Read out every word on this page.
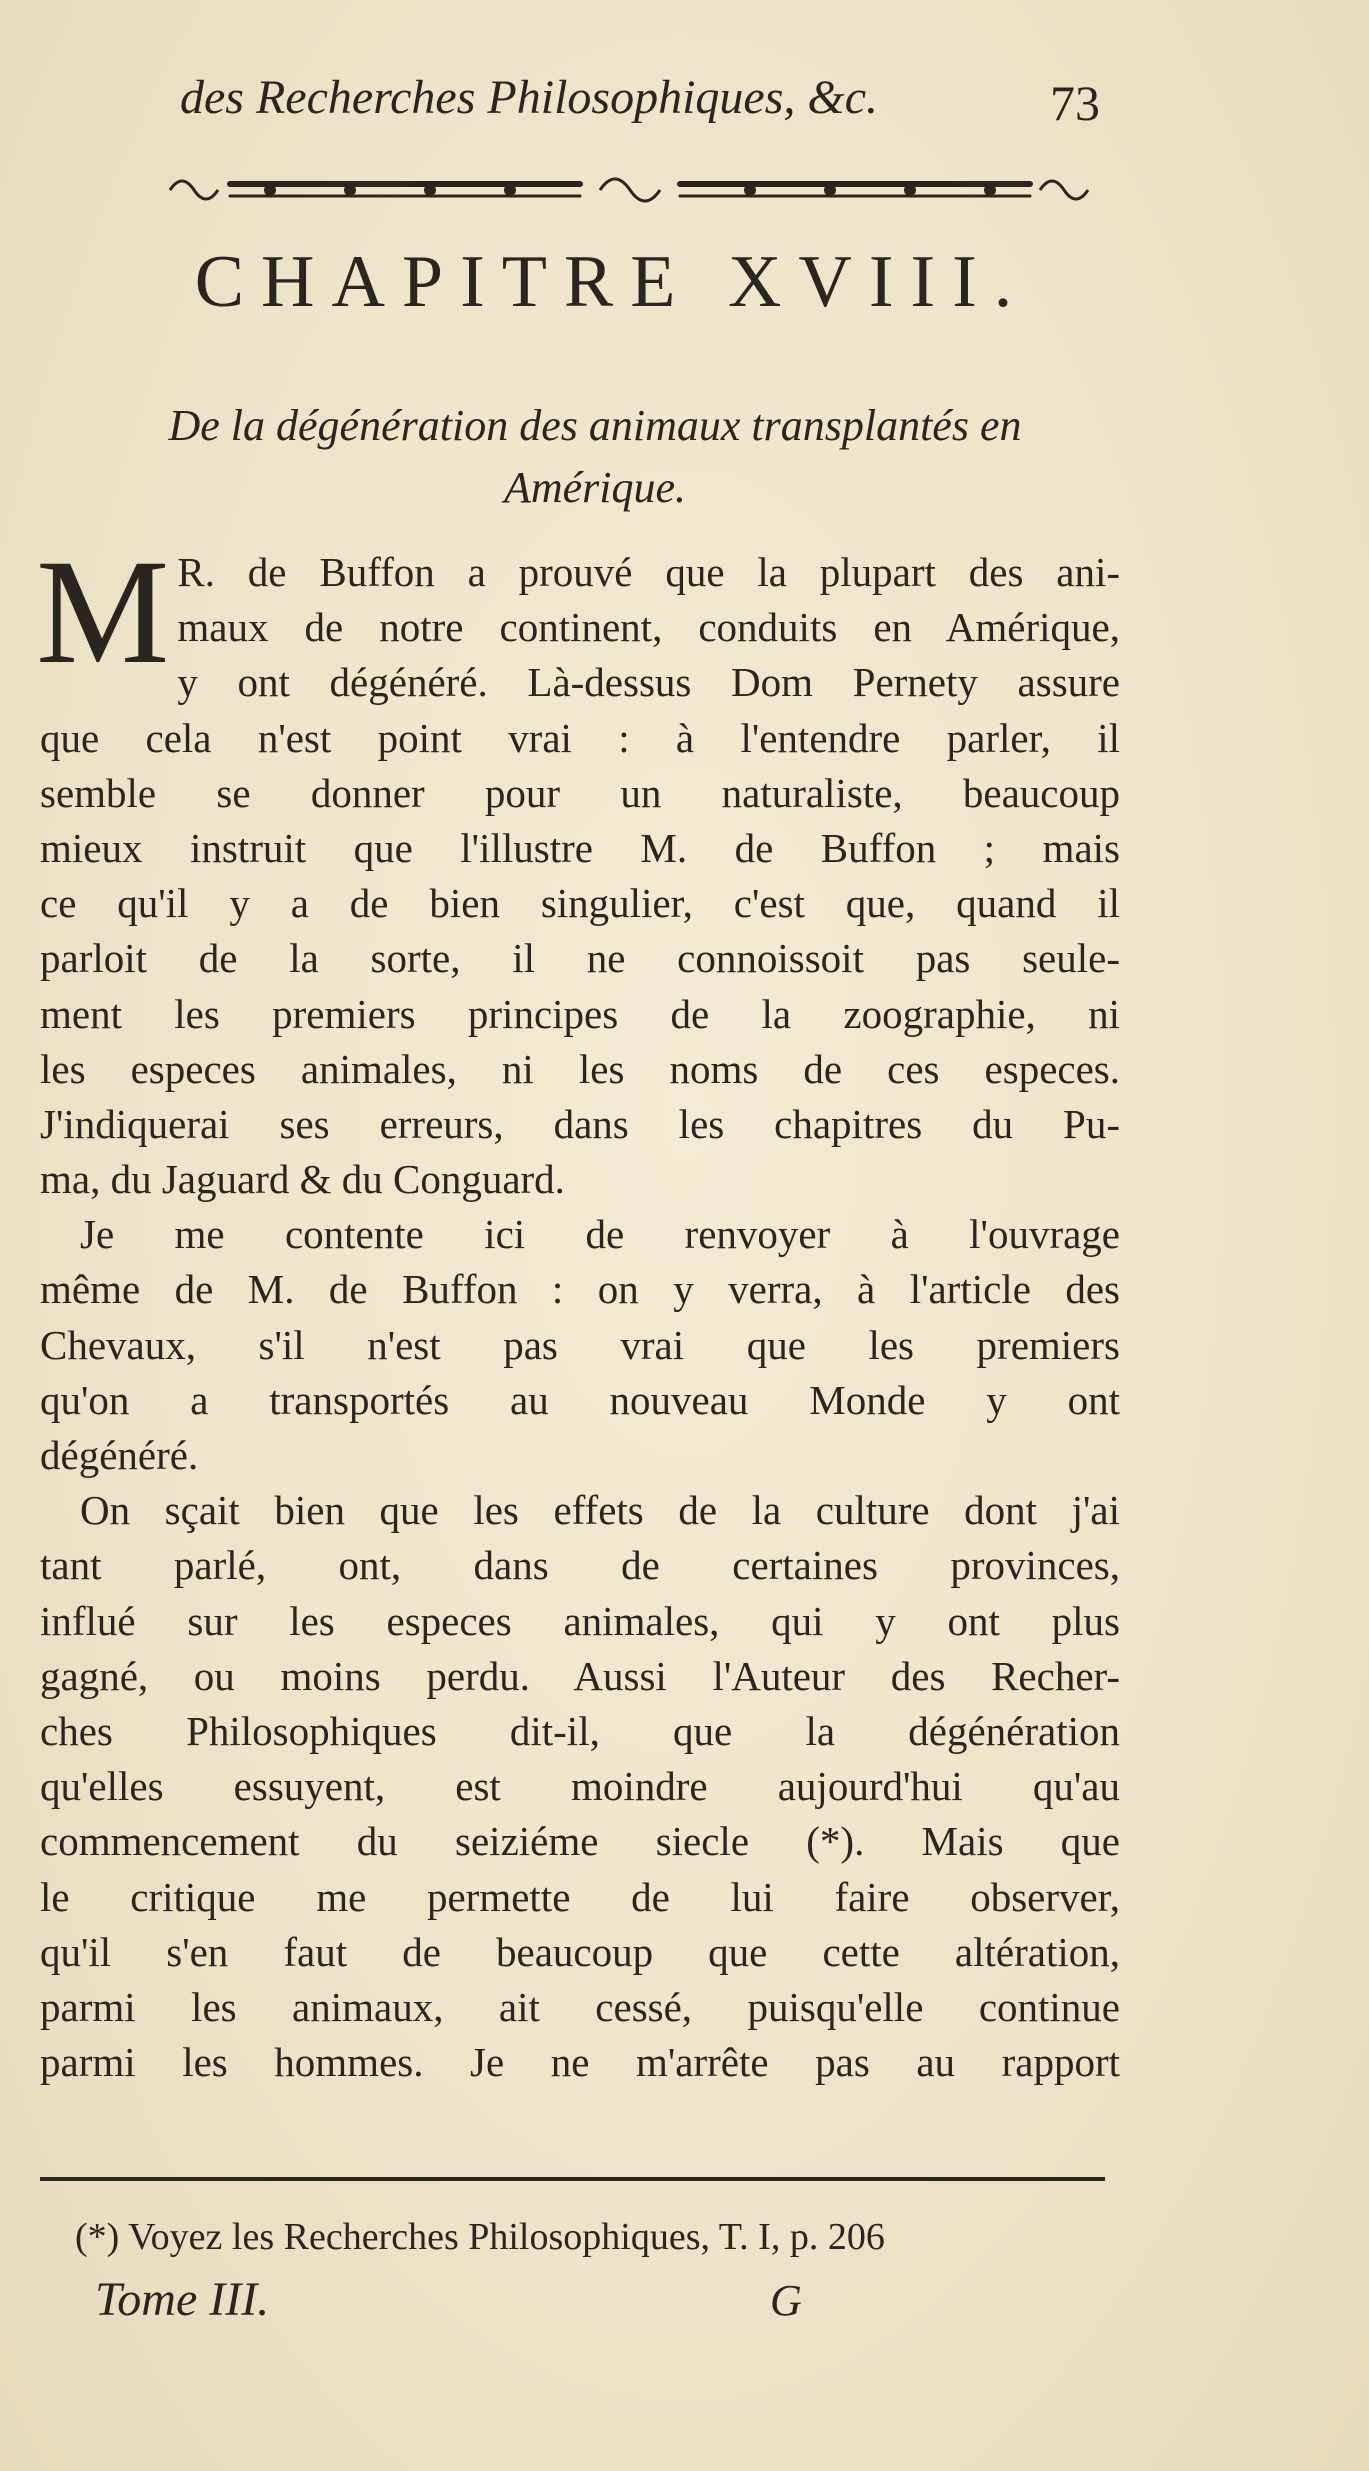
des Recherches Philosophiques, &c.	73
CHAPITRE XVIII.
De la dégénération des animaux transplantés en
Amérique.
M R. de Buffon a prouvé que la plupart des ani-
maux de notre continent, conduits en Amérique,
y ont dégénéré. Là-dessus Dom Pernety assure
que cela n'est point vrai : à l'entendre parler, il
semble se donner pour un naturaliste, beaucoup
mieux instruit que l'illustre M. de Buffon ; mais
ce qu'il y a de bien singulier, c'est que, quand il
parloit de la sorte, il ne connoissoit pas seule-
ment les premiers principes de la zoographie, ni
les especes animales, ni les noms de ces especes.
J'indiquerai ses erreurs, dans les chapitres du Pu-
ma, du Jaguard & du Conguard.
Je me contente ici de renvoyer à l'ouvrage
même de M. de Buffon : on y verra, à l'article des
Chevaux, s'il n'est pas vrai que les premiers
qu'on a transportés au nouveau Monde y ont
dégénéré.
On sçait bien que les effets de la culture dont j'ai
tant parlé, ont, dans de certaines provinces,
influé sur les especes animales, qui y ont plus
gagné, ou moins perdu. Aussi l'Auteur des Recher-
ches Philosophiques dit-il, que la dégénération
qu'elles essuyent, est moindre aujourd'hui qu'au
commencement du seiziéme siecle (*). Mais que
le critique me permette de lui faire observer,
qu'il s'en faut de beaucoup que cette altération,
parmi les animaux, ait cessé, puisqu'elle continue
parmi les hommes. Je ne m'arrête pas au rapport
(*) Voyez les Recherches Philosophiques, T. I, p. 206
Tome III.	G
